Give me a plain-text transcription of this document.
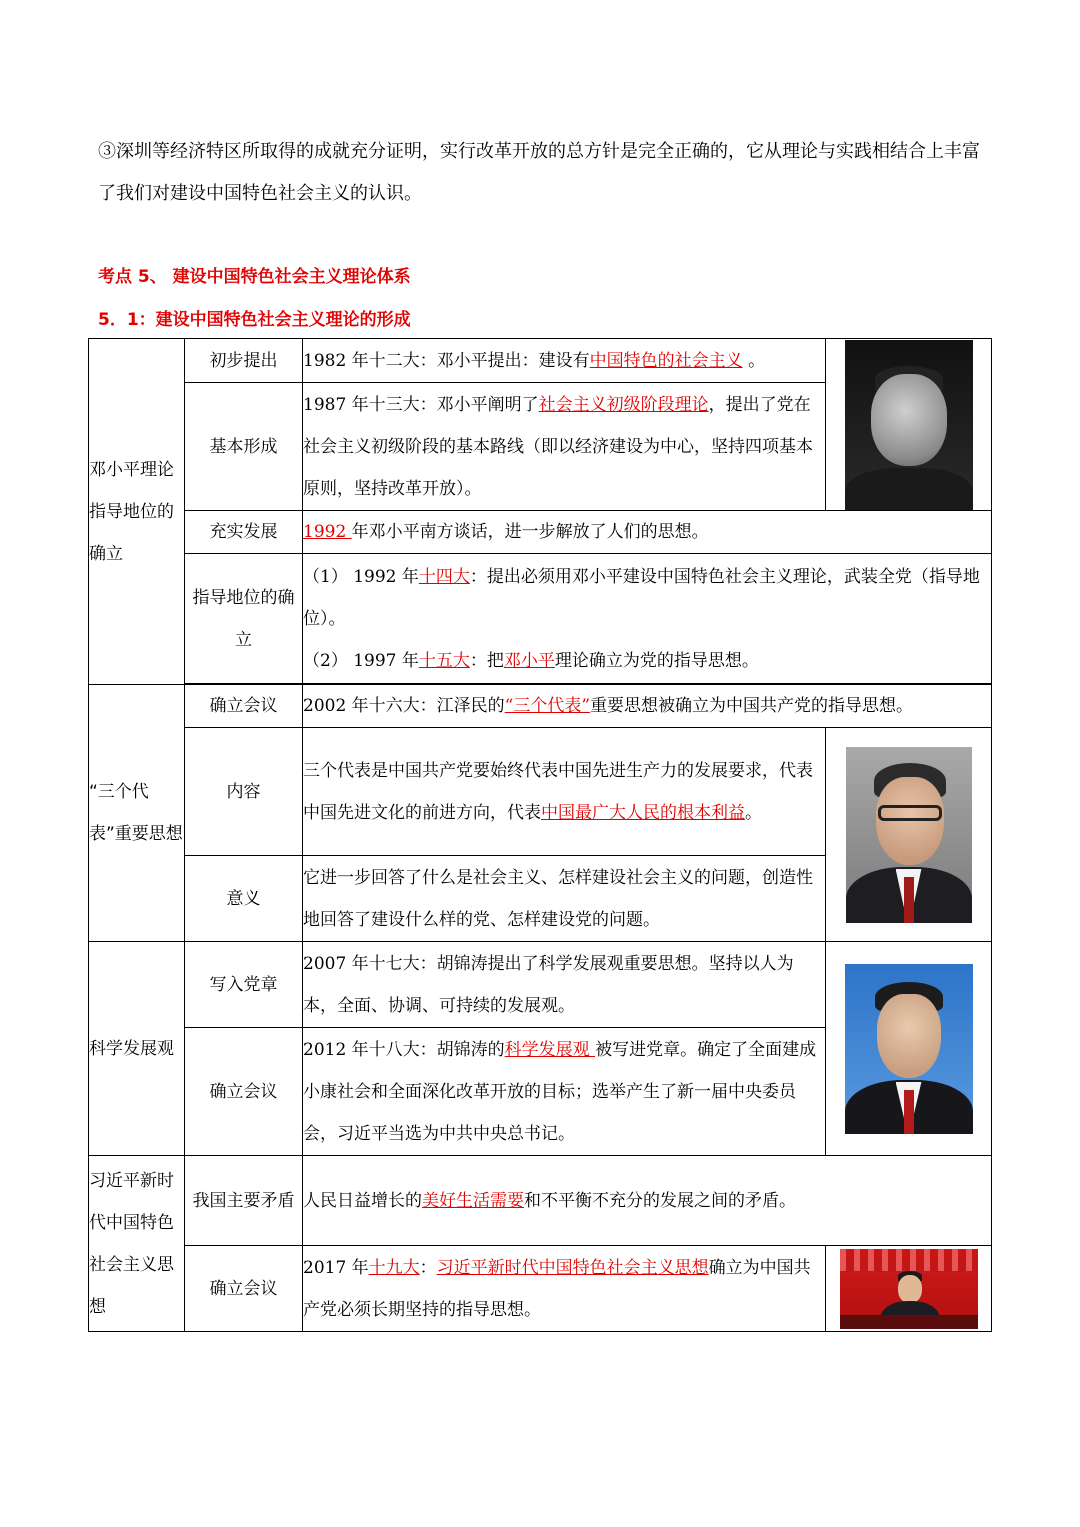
③深圳等经济特区所取得的成就充分证明，实行改革开放的总方针是完全正确的，它从理论与实践相结合上丰富了我们对建设中国特色社会主义的认识。

考点 5、 建设中国特色社会主义理论体系

5．1：建设中国特色社会主义理论的形成

邓小平理论指导地位的确立	初步提出	1982 年十二大：邓小平提出：建设有中国特色的社会主义 。	

	基本形成	1987 年十三大：邓小平阐明了社会主义初级阶段理论，提出了党在社会主义初级阶段的基本路线（即以经济建设为中心，坚持四项基本原则，坚持改革开放）。	
	充实发展	1992 年邓小平南方谈话，进一步解放了人们的思想。	
	指导地位的确立	（1） 1992 年十四大：提出必须用邓小平建设中国特色社会主义理论，武装全党（指导地位）。
（2） 1997 年十五大：把邓小平理论确立为党的指导思想。	

“三个代表”重要思想	确立会议	2002 年十六大：江泽民的“三个代表”重要思想被确立为中国共产党的指导思想。	
	内容	三个代表是中国共产党要始终代表中国先进生产力的发展要求，代表中国先进文化的前进方向，代表中国最广大人民的根本利益。	

	意义	它进一步回答了什么是社会主义、怎样建设社会主义的问题，创造性地回答了建设什么样的党、怎样建设党的问题。	
科学发展观	写入党章	2007 年十七大：胡锦涛提出了科学发展观重要思想。坚持以人为本，全面、协调、可持续的发展观。	

	确立会议	2012 年十八大：胡锦涛的科学发展观 被写进党章。确定了全面建成小康社会和全面深化改革开放的目标；选举产生了新一届中央委员会，习近平当选为中共中央总书记。	
习近平新时代中国特色社会主义思想	我国主要矛盾	人民日益增长的美好生活需要和不平衡不充分的发展之间的矛盾。	
	确立会议	2017 年十九大：习近平新时代中国特色社会主义思想确立为中国共产党必须长期坚持的指导思想。	
